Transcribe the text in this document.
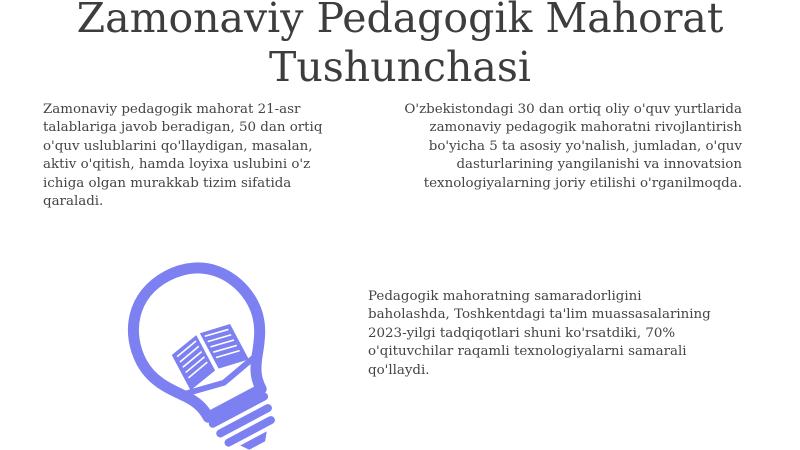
Zamonaviy Pedagogik Mahorat
Tushunchasi

Zamonaviy pedagogik mahorat 21-asr
talablariga javob beradigan, 50 dan ortiq
o'quv uslublarini qo'llaydigan, masalan,
aktiv o'qitish, hamda loyixa uslubini o'z
ichiga olgan murakkab tizim sifatida
qaraladi.

O'zbekistondagi 30 dan ortiq oliy o'quv yurtlarida
zamonaviy pedagogik mahoratni rivojlantirish
bo'yicha 5 ta asosiy yo'nalish, jumladan, o'quv
dasturlarining yangilanishi va innovatsion
texnologiyalarning joriy etilishi o'rganilmoqda.

Pedagogik mahoratning samaradorligini
baholashda, Toshkentdagi ta'lim muassasalarining
2023-yilgi tadqiqotlari shuni ko'rsatdiki, 70%
o'qituvchilar raqamli texnologiyalarni samarali
qo'llaydi.
